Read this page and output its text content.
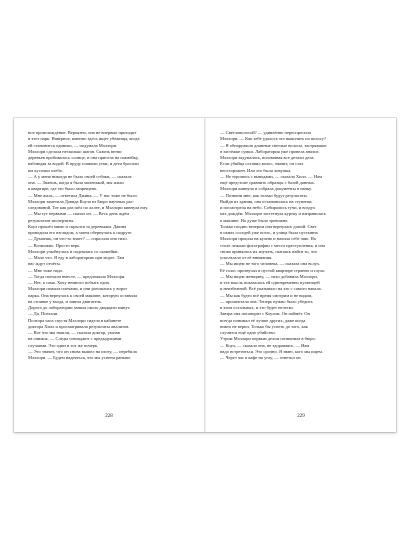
ное происхождение. Вероятно, она не впервые приходит
в этот парк. Наверное, именно здесь ищет убежища, когда
ей становится одиноко, — подумала Мэллори.
Мэллори сделала несколько шагов. Сквозь ветви
деревьев пробивалось солнце, и она присела на скамейку,
наблюдая за водой. В пруду плавали утки, и дети бросали
им кусочки хлеба.
— А у меня никогда не было своей собаки, — сказала
она. — Знаешь, когда я была маленькой, мы жили
в квартире, где это было запрещено.
— Мне жаль, — ответила Джина. — У нас тоже не было.
Мэллори заметила Дэвида Коула из Бюро научных рас-
следований. Тот как раз шёл по аллее, и Мэллори кивнула ему.
— Мы тут первыми — сказал он. — Весь день ждём
результатов экспертизы.
Коул прошёл мимо и скрылся за деревьями. Джина
проводила его взглядом, а затем обернулась к подруге.
— Думаешь, он что-то знает? — спросила она тихо.
— Возможно. Просто верь.
Мэллори улыбнулась и поднялась со скамейки.
— Мало что. Я еду в лабораторию при морге. Там
нас ждут отчёты.
— Мне тоже надо.
— Тогда поехали вместе, — предложила Мэллори.
— Нет, я сама. Хочу немного побыть одна.
Мэллори пожала плечами, и они разошлись у ворот
парка. Она вернулась к своей машине, которую оставила
на стоянке у входа, и завела двигатель.
Дорога до лаборатории заняла около двадцати минут.
— Да. Поехали.
Полтора часа спустя Мэллори сидела в кабинете
доктора Хилл и просматривала результаты анализов.
— Вот что мы нашли, — сказала доктор, указав
на снимок. — Следы совпадают с предыдущими
случаями. Это один и тот же почерк.
— Это значит, что он снова вышел на охоту, — перебила
Мэллори. — Будем надеяться, что мы успеем раньше.
— Светловолосой? — удивлённо переспросила
Мэллори. — Как тебе удалось это выяснить по волосу?
— Я обнаружила длинные светлые волосы, застрявшие
в застёжке сумки. Лаборатория уже провела анализ.
Мэллори задумалась, вспоминая все детали дела.
Если убийца оставил волос, значит, он стал
неосторожен. Или это была ловушка.
— Не торопись с выводами, — сказала Хилл. — Нам
ещё предстоит сравнить образцы с базой данных.
Мэллори кивнула и собрала документы в папку.
— Позвони мне, как только будут результаты.
Выйдя из здания, она остановилась на ступенях
и посмотрела на небо. Собирались тучи, и воздух
пах дождём. Мэллори застегнула куртку и направилась
к машине. На душе было тревожно.
Только поздно вечером она вернулась домой. Свет
в окнах соседей уже погас, и улица была пустынна.
Мэллори прошла на кухню и налила себе чаю. На
столе лежали фотографии с места преступления, и она
снова принялась их изучать, пытаясь найти то, что
ускользало от её внимания.
— Мы ищем не того человека, — сказала она вслух.
Её голос прозвучал в пустой квартире странно и глухо.
— Мы ищем женщину, — тихо добавила Мэллори,
и эта мысль показалась ей одновременно пугающей
и неизбежной. Всё указывало на это с самого начала.
— Мы как будто всё время смотрим и не видим,
— прошептала она. Теперь нужно было убедить
в этом остальных, и это будет нелегко.
Завтра она поговорит с Коулом. Он поймёт. Он
всегда понимал её лучше других, даже когда
никто не верил. Только бы успеть до того, как
случится ещё одно убийство.
Утром Мэллори первым делом позвонила в бюро.
— Коул, — сказала она, не здороваясь. — Нам
надо встретиться. Это срочно. Я знаю, кого мы ищем.
— Через час в кафе на углу, — ответил он.
228	229
